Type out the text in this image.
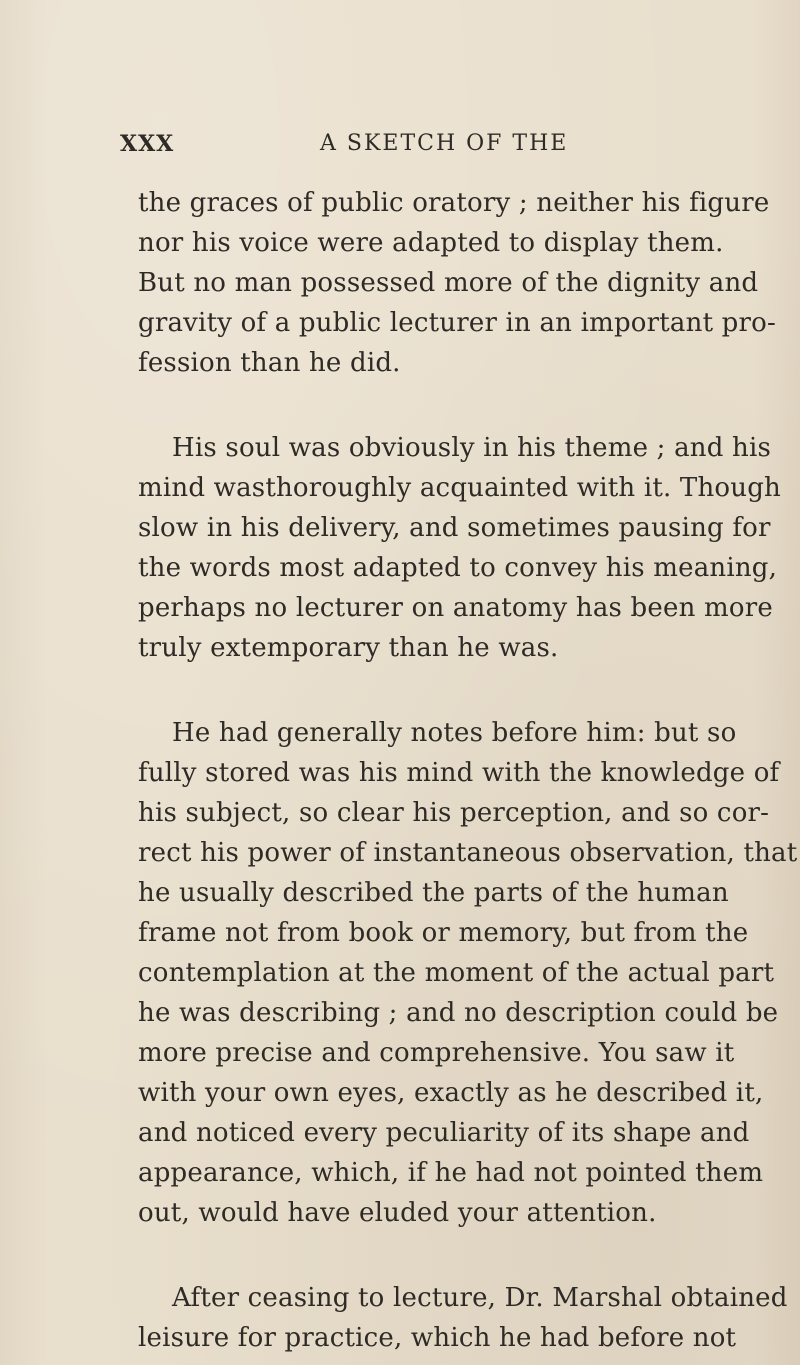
XXX	A SKETCH OF THE
the graces of public oratory ; neither his figure
nor his voice were adapted to display them.
But no man possessed more of the dignity and
gravity of a public lecturer in an important pro-
fession than he did.
His soul was obviously in his theme ; and his
mind wasthoroughly acquainted with it. Though
slow in his delivery, and sometimes pausing for
the words most adapted to convey his meaning,
perhaps no lecturer on anatomy has been more
truly extemporary than he was.
He had generally notes before him: but so
fully stored was his mind with the knowledge of
his subject, so clear his perception, and so cor-
rect his power of instantaneous observation, that
he usually described the parts of the human
frame not from book or memory, but from the
contemplation at the moment of the actual part
he was describing ; and no description could be
more precise and comprehensive. You saw it
with your own eyes, exactly as he described it,
and noticed every peculiarity of its shape and
appearance, which, if he had not pointed them
out, would have eluded your attention.
After ceasing to lecture, Dr. Marshal obtained
leisure for practice, which he had before not
